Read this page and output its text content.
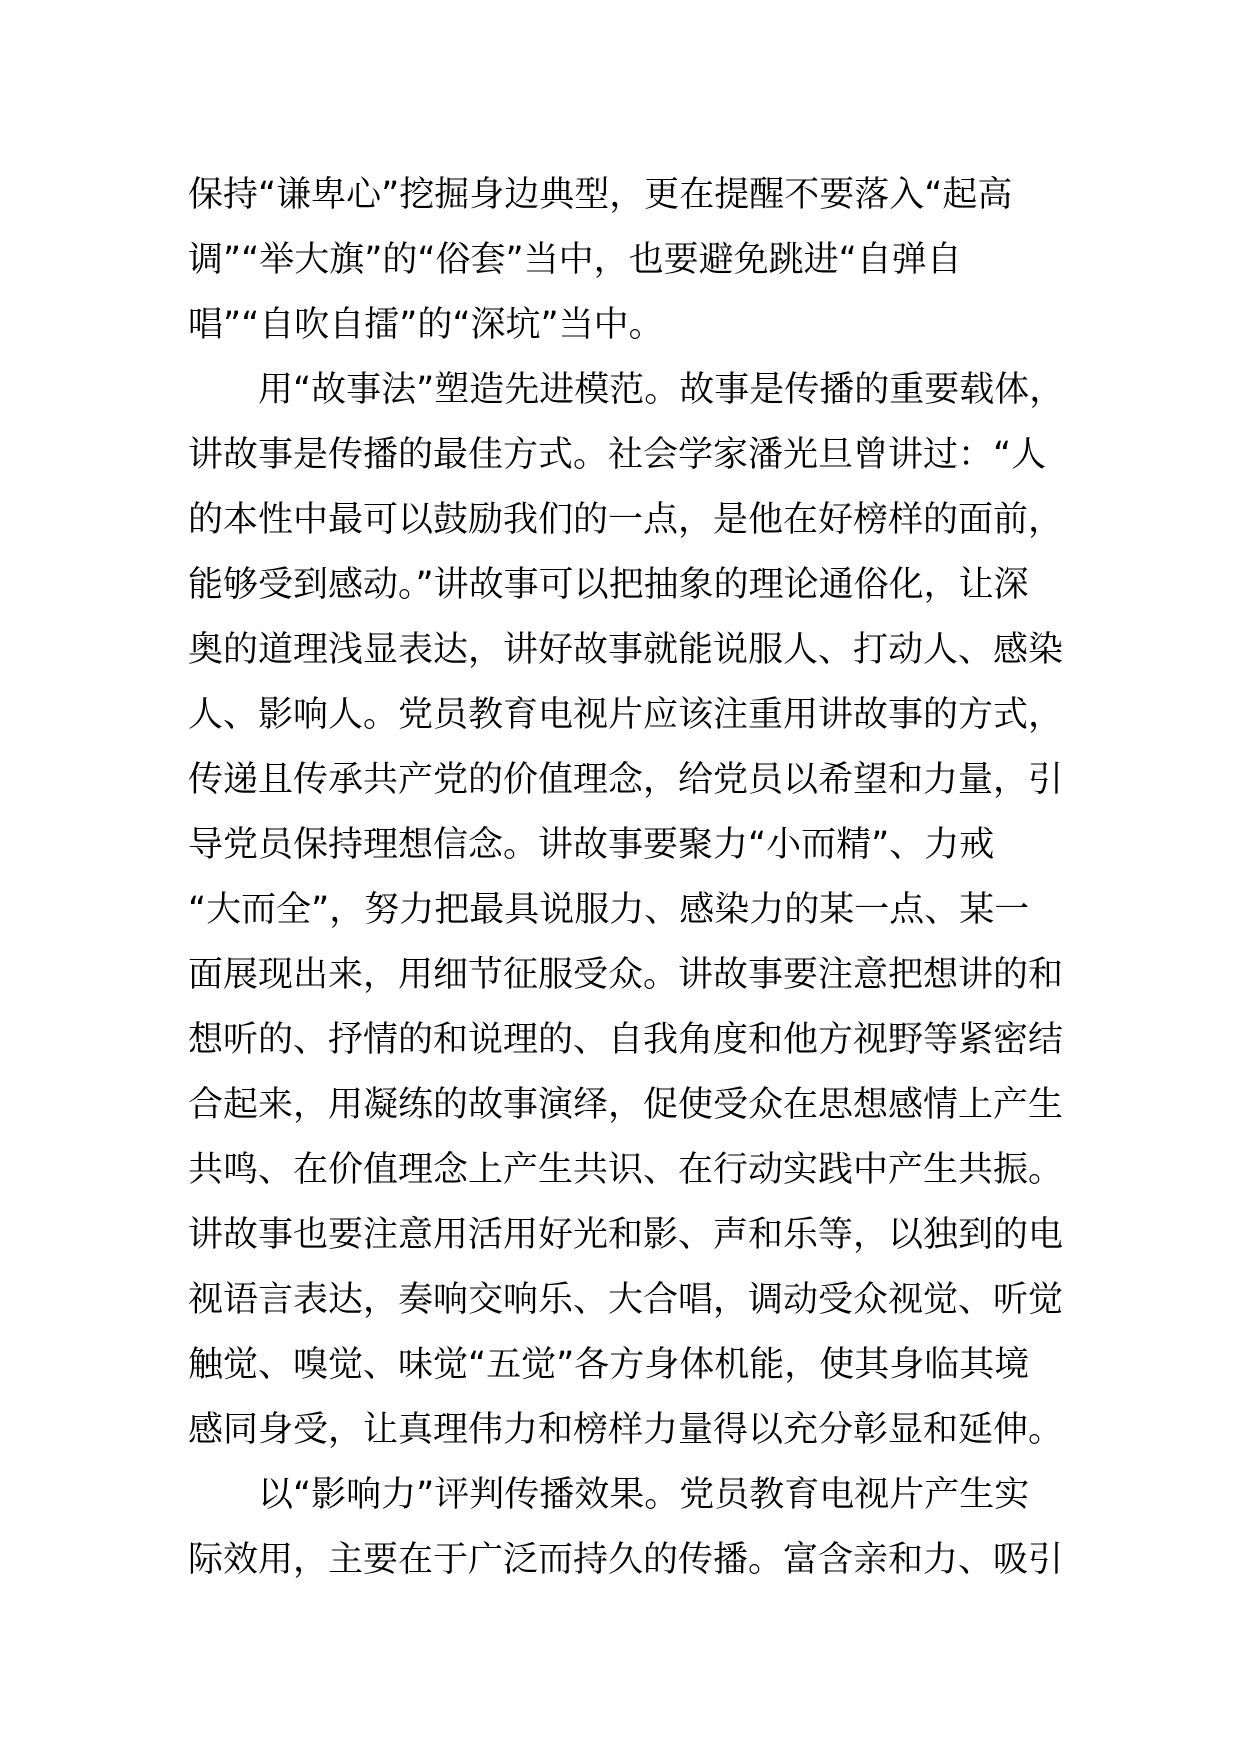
保持“谦卑心”挖掘身边典型，更在提醒不要落入“起高
调”“举大旗”的“俗套”当中，也要避免跳进“自弹自
唱”“自吹自擂”的“深坑”当中。
用“故事法”塑造先进模范。故事是传播的重要载体，
讲故事是传播的最佳方式。社会学家潘光旦曾讲过：“人
的本性中最可以鼓励我们的一点，是他在好榜样的面前，
能够受到感动。”讲故事可以把抽象的理论通俗化，让深
奥的道理浅显表达，讲好故事就能说服人、打动人、感染
人、影响人。党员教育电视片应该注重用讲故事的方式，
传递且传承共产党的价值理念，给党员以希望和力量，引
导党员保持理想信念。讲故事要聚力“小而精”、力戒
“大而全”，努力把最具说服力、感染力的某一点、某一
面展现出来，用细节征服受众。讲故事要注意把想讲的和
想听的、抒情的和说理的、自我角度和他方视野等紧密结
合起来，用凝练的故事演绎，促使受众在思想感情上产生
共鸣、在价值理念上产生共识、在行动实践中产生共振。
讲故事也要注意用活用好光和影、声和乐等，以独到的电
视语言表达，奏响交响乐、大合唱，调动受众视觉、听觉
触觉、嗅觉、味觉“五觉”各方身体机能，使其身临其境
感同身受，让真理伟力和榜样力量得以充分彰显和延伸。
以“影响力”评判传播效果。党员教育电视片产生实
际效用，主要在于广泛而持久的传播。富含亲和力、吸引
